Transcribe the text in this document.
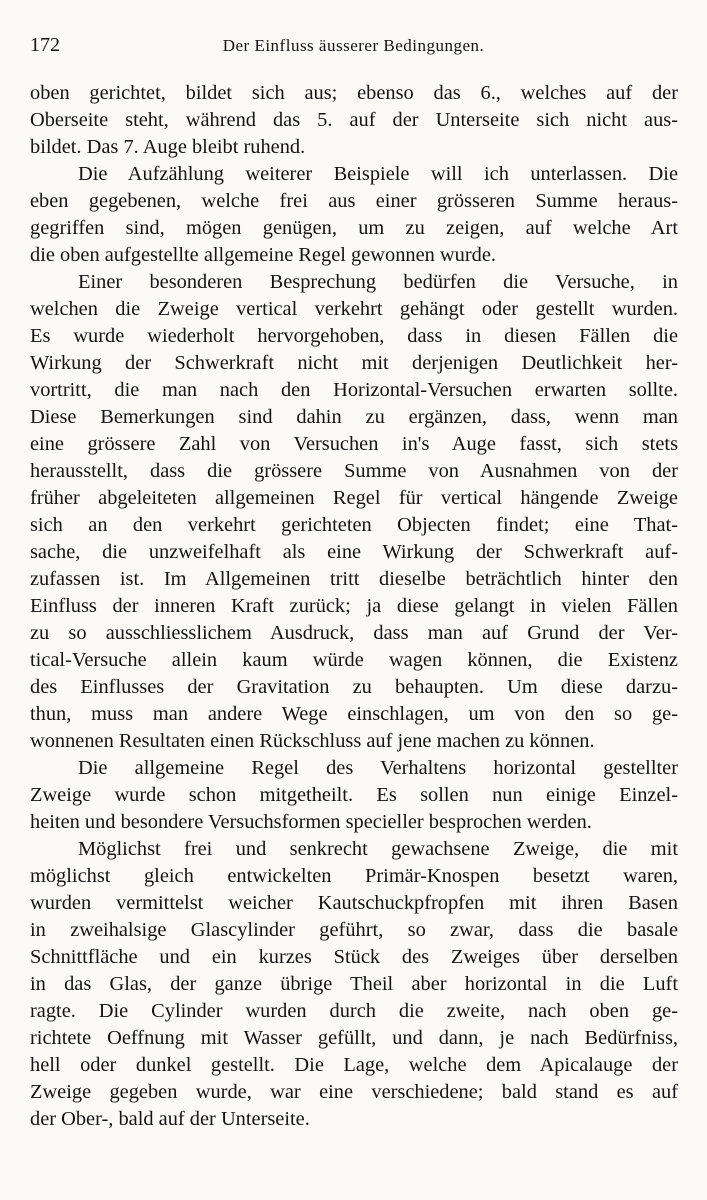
172	Der Einfluss äusserer Bedingungen.
oben gerichtet, bildet sich aus; ebenso das 6., welches auf der
Oberseite steht, während das 5. auf der Unterseite sich nicht aus-
bildet. Das 7. Auge bleibt ruhend.
Die Aufzählung weiterer Beispiele will ich unterlassen. Die
eben gegebenen, welche frei aus einer grösseren Summe heraus-
gegriffen sind, mögen genügen, um zu zeigen, auf welche Art
die oben aufgestellte allgemeine Regel gewonnen wurde.
Einer besonderen Besprechung bedürfen die Versuche, in
welchen die Zweige vertical verkehrt gehängt oder gestellt wurden.
Es wurde wiederholt hervorgehoben, dass in diesen Fällen die
Wirkung der Schwerkraft nicht mit derjenigen Deutlichkeit her-
vortritt, die man nach den Horizontal-Versuchen erwarten sollte.
Diese Bemerkungen sind dahin zu ergänzen, dass, wenn man
eine grössere Zahl von Versuchen in's Auge fasst, sich stets
herausstellt, dass die grössere Summe von Ausnahmen von der
früher abgeleiteten allgemeinen Regel für vertical hängende Zweige
sich an den verkehrt gerichteten Objecten findet; eine That-
sache, die unzweifelhaft als eine Wirkung der Schwerkraft auf-
zufassen ist. Im Allgemeinen tritt dieselbe beträchtlich hinter den
Einfluss der inneren Kraft zurück; ja diese gelangt in vielen Fällen
zu so ausschliesslichem Ausdruck, dass man auf Grund der Ver-
tical-Versuche allein kaum würde wagen können, die Existenz
des Einflusses der Gravitation zu behaupten. Um diese darzu-
thun, muss man andere Wege einschlagen, um von den so ge-
wonnenen Resultaten einen Rückschluss auf jene machen zu können.
Die allgemeine Regel des Verhaltens horizontal gestellter
Zweige wurde schon mitgetheilt. Es sollen nun einige Einzel-
heiten und besondere Versuchsformen specieller besprochen werden.
Möglichst frei und senkrecht gewachsene Zweige, die mit
möglichst gleich entwickelten Primär-Knospen besetzt waren,
wurden vermittelst weicher Kautschuckpfropfen mit ihren Basen
in zweihalsige Glascylinder geführt, so zwar, dass die basale
Schnittfläche und ein kurzes Stück des Zweiges über derselben
in das Glas, der ganze übrige Theil aber horizontal in die Luft
ragte. Die Cylinder wurden durch die zweite, nach oben ge-
richtete Oeffnung mit Wasser gefüllt, und dann, je nach Bedürfniss,
hell oder dunkel gestellt. Die Lage, welche dem Apicalauge der
Zweige gegeben wurde, war eine verschiedene; bald stand es auf
der Ober-, bald auf der Unterseite.
